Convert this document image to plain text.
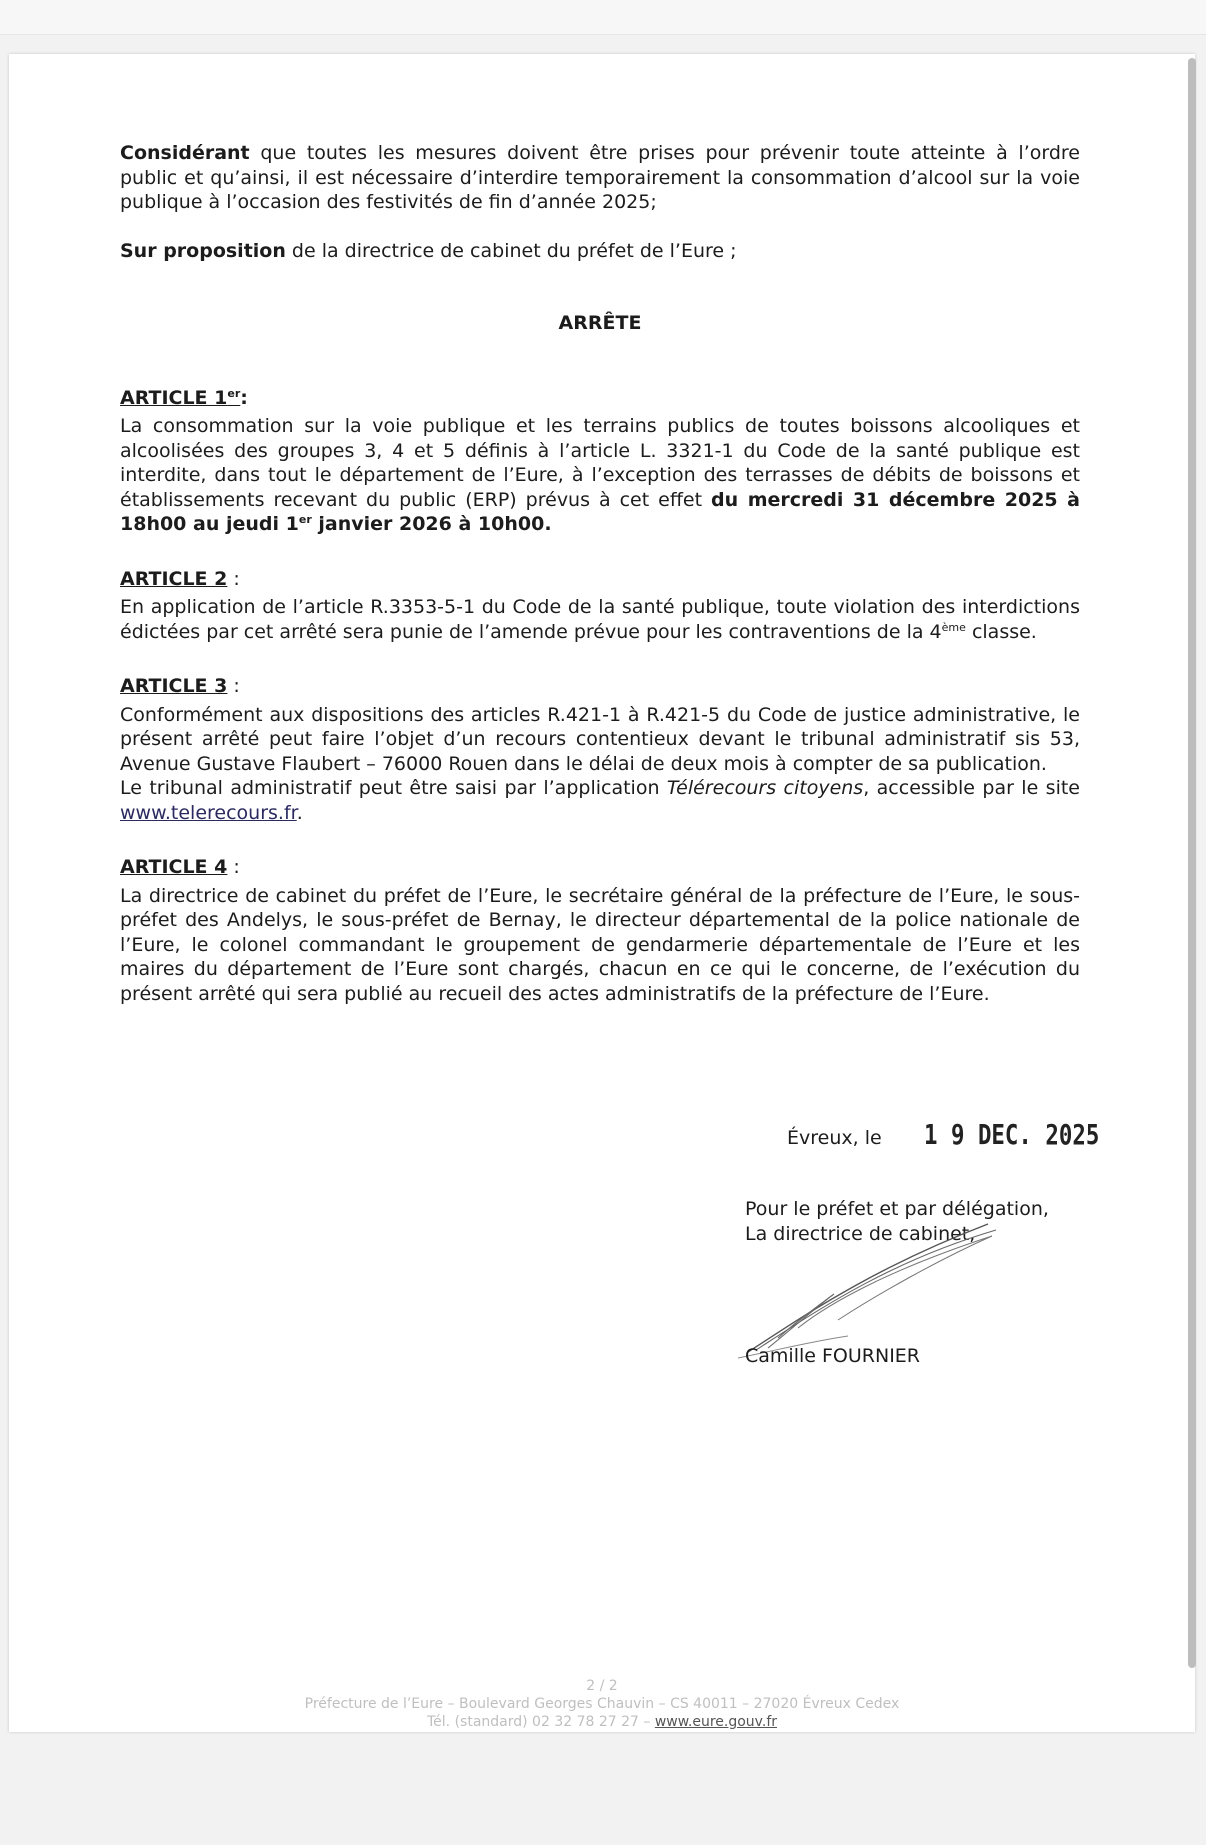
2 / 2
Préfecture de l’Eure – Boulevard Georges Chauvin – CS 40011 – 27020 Évreux Cedex
Tél. (standard) 02 32 78 27 27 – www.eure.gouv.fr

Considérant que toutes les mesures doivent être prises pour prévenir toute atteinte à l’ordre public et qu’ainsi, il est nécessaire d’interdire temporairement la consommation d’alcool sur la voie publique à l’occasion des festivités de fin d’année 2025;

Sur proposition de la directrice de cabinet du préfet de l’Eure ;

ARRÊTE
ARTICLE 1er:

La consommation sur la voie publique et les terrains publics de toutes boissons alcooliques et alcoolisées des groupes 3, 4 et 5 définis à l’article L. 3321-1 du Code de la santé publique est interdite, dans tout le département de l’Eure, à l’exception des terrasses de débits de boissons et établissements recevant du public (ERP) prévus à cet effet du mercredi 31 décembre 2025 à 18h00 au jeudi 1er janvier 2026 à 10h00.

ARTICLE 2 :

En application de l’article R.3353-5-1 du Code de la santé publique, toute violation des interdictions édictées par cet arrêté sera punie de l’amende prévue pour les contraventions de la 4ème classe.

ARTICLE 3 :

Conformément aux dispositions des articles R.421-1 à R.421-5 du Code de justice administrative, le présent arrêté peut faire l’objet d’un recours contentieux devant le tribunal administratif sis 53, Avenue Gustave Flaubert – 76000 Rouen dans le délai de deux mois à compter de sa publication.

Le tribunal administratif peut être saisi par l’application Télérecours citoyens, accessible par le site www.telerecours.fr.

ARTICLE 4 :

La directrice de cabinet du préfet de l’Eure, le secrétaire général de la préfecture de l’Eure, le sous-préfet des Andelys, le sous-préfet de Bernay, le directeur départemental de la police nationale de l’Eure, le colonel commandant le groupement de gendarmerie départementale de l’Eure et les maires du département de l’Eure sont chargés, chacun en ce qui le concerne, de l’exécution du présent arrêté qui sera publié au recueil des actes administratifs de la préfecture de l’Eure.

Évreux, le 1 9 DEC. 2025
Pour le préfet et par délégation,
La directrice de cabinet,
Camille FOURNIER
